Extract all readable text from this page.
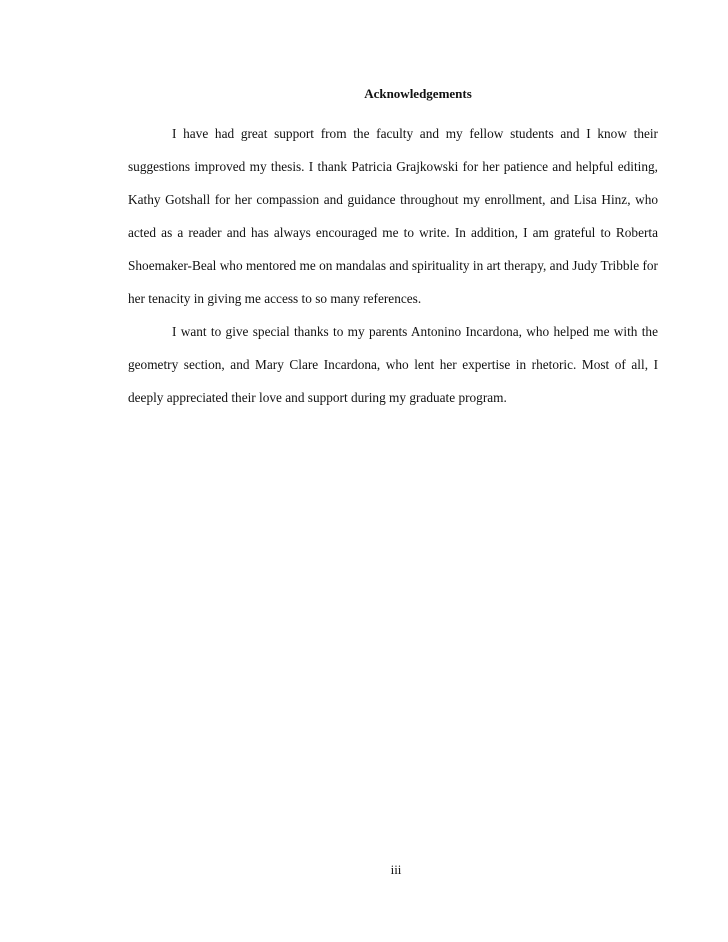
Acknowledgements

I have had great support from the faculty and my fellow students and I know their suggestions improved my thesis. I thank Patricia Grajkowski for her patience and helpful editing, Kathy Gotshall for her compassion and guidance throughout my enrollment, and Lisa Hinz, who acted as a reader and has always encouraged me to write. In addition, I am grateful to Roberta Shoemaker-Beal who mentored me on mandalas and spirituality in art therapy, and Judy Tribble for her tenacity in giving me access to so many references.

I want to give special thanks to my parents Antonino Incardona, who helped me with the geometry section, and Mary Clare Incardona, who lent her expertise in rhetoric. Most of all, I deeply appreciated their love and support during my graduate program.

iii
